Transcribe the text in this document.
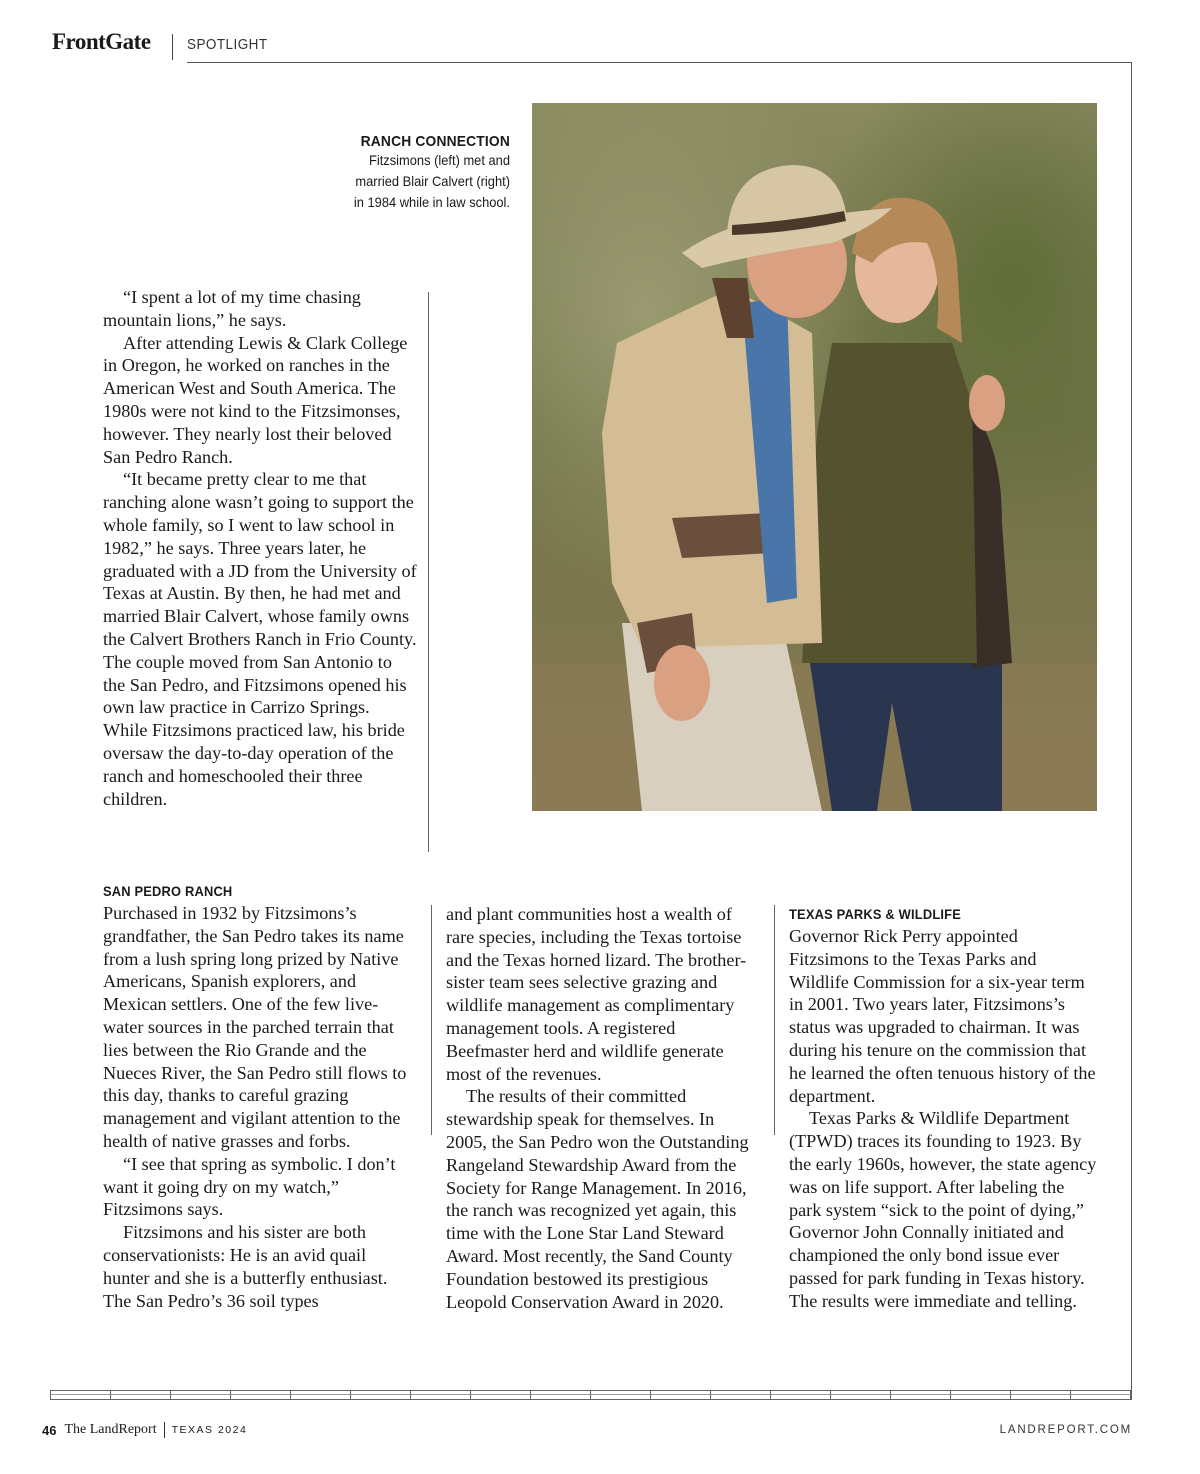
FrontGate SPOTLIGHT
RANCH CONNECTION
Fitzsimons (left) met and
married Blair Calvert (right)
in 1984 while in law school.

“I spent a lot of my time chasing mountain lions,” he says.

After attending Lewis & Clark College in Oregon, he worked on ranches in the American West and South America. The 1980s were not kind to the Fitzsimonses, however. They nearly lost their beloved San Pedro Ranch.

“It became pretty clear to me that ranching alone wasn’t going to support the whole family, so I went to law school in 1982,” he says. Three years later, he graduated with a JD from the University of Texas at Austin. By then, he had met and married Blair Calvert, whose family owns the Calvert Brothers Ranch in Frio County. The couple moved from San Antonio to the San Pedro, and Fitzsimons opened his own law practice in Carrizo Springs. While Fitzsimons practiced law, his bride oversaw the day-to-day operation of the ranch and homeschooled their three children.

SAN PEDRO RANCH

Purchased in 1932 by Fitzsimons’s grandfather, the San Pedro takes its name from a lush spring long prized by Native Americans, Spanish explorers, and Mexican settlers. One of the few live-water sources in the parched terrain that lies between the Rio Grande and the Nueces River, the San Pedro still flows to this day, thanks to careful grazing management and vigilant attention to the health of native grasses and forbs.

“I see that spring as symbolic. I don’t want it going dry on my watch,” Fitzsimons says.

Fitzsimons and his sister are both conservationists: He is an avid quail hunter and she is a butterfly enthusiast. The San Pedro’s 36 soil types

and plant communities host a wealth of rare species, including the Texas tortoise and the Texas horned lizard. The brother-sister team sees selective grazing and wildlife management as complimentary management tools. A registered Beefmaster herd and wildlife generate most of the revenues.

The results of their committed stewardship speak for themselves. In 2005, the San Pedro won the Outstanding Rangeland Stewardship Award from the Society for Range Management. In 2016, the ranch was recognized yet again, this time with the Lone Star Land Steward Award. Most recently, the Sand County Foundation bestowed its prestigious Leopold Conservation Award in 2020.

TEXAS PARKS & WILDLIFE

Governor Rick Perry appointed Fitzsimons to the Texas Parks and Wildlife Commission for a six-year term in 2001. Two years later, Fitzsimons’s status was upgraded to chairman. It was during his tenure on the commission that he learned the often tenuous history of the department.

Texas Parks & Wildlife Department (TPWD) traces its founding to 1923. By the early 1960s, however, the state agency was on life support. After labeling the park system “sick to the point of dying,” Governor John Connally initiated and championed the only bond issue ever passed for park funding in Texas history. The results were immediate and telling.

46 The LandReport TEXAS 2024	LANDREPORT.COM
